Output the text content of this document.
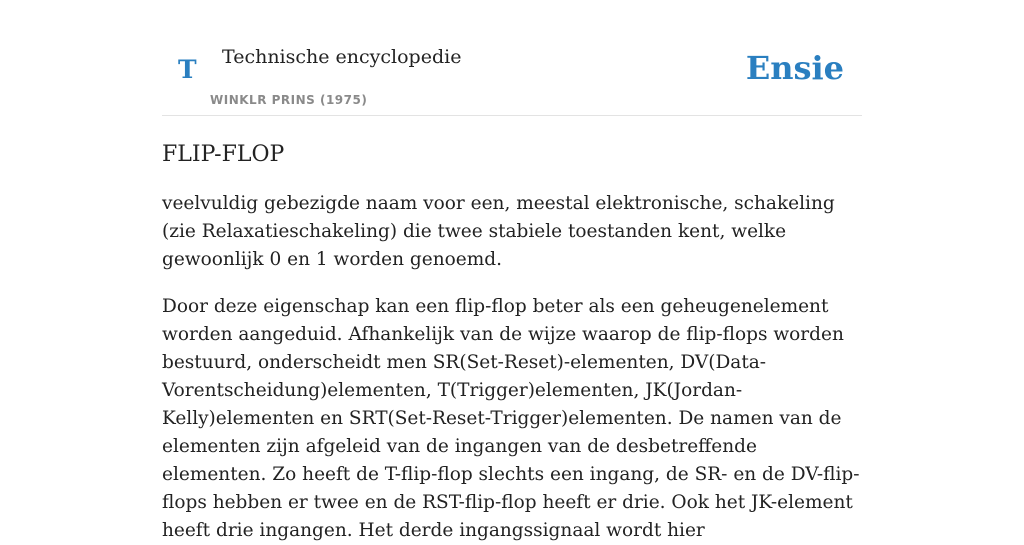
T Technische encyclopedie
WINKLR PRINS (1975)
Ensie
FLIP-FLOP

veelvuldig gebezigde naam voor een, meestal elektronische, schakeling (zie Relaxatieschakeling) die twee stabiele toestanden kent, welke gewoonlijk 0 en 1 worden genoemd.

Door deze eigenschap kan een flip-flop beter als een geheugenelement worden aangeduid. Afhankelijk van de wijze waarop de flip-flops worden bestuurd, onderscheidt men SR(Set-Reset)-elementen, DV(Data-Vorentscheidung)elementen, T(Trigger)elementen, JK(Jordan-Kelly)elementen en SRT(Set-Reset-Trigger)elementen. De namen van de elementen zijn afgeleid van de ingangen van de desbetreffende elementen. Zo heeft de T-flip-flop slechts een ingang, de SR- en de DV-flip-flops hebben er twee en de RST-flip-flop heeft er drie. Ook het JK-element heeft drie ingangen. Het derde ingangssignaal wordt hier
